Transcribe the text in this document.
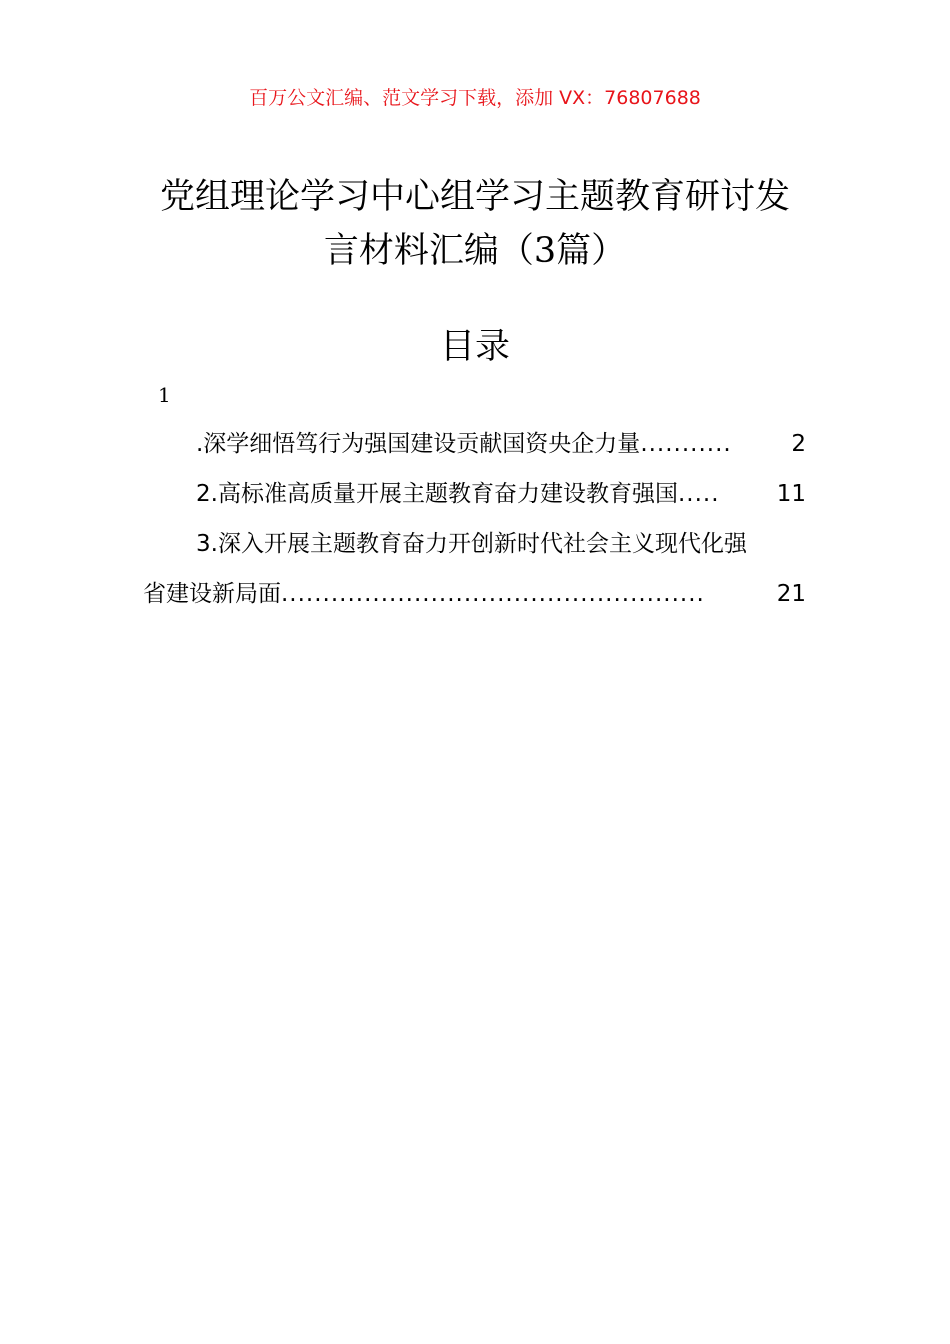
百万公文汇编、范文学习下载，添加 VX：76807688
党组理论学习中心组学习主题教育研讨发
言材料汇编（3篇）
目录
1
.深学细悟笃行为强国建设贡献国资央企力量 ...........	2
2.高标准高质量开展主题教育奋力建设教育强国 .....	11
3.深入开展主题教育奋力开创新时代社会主义现代化强
省建设新局面 ...................................................	21
